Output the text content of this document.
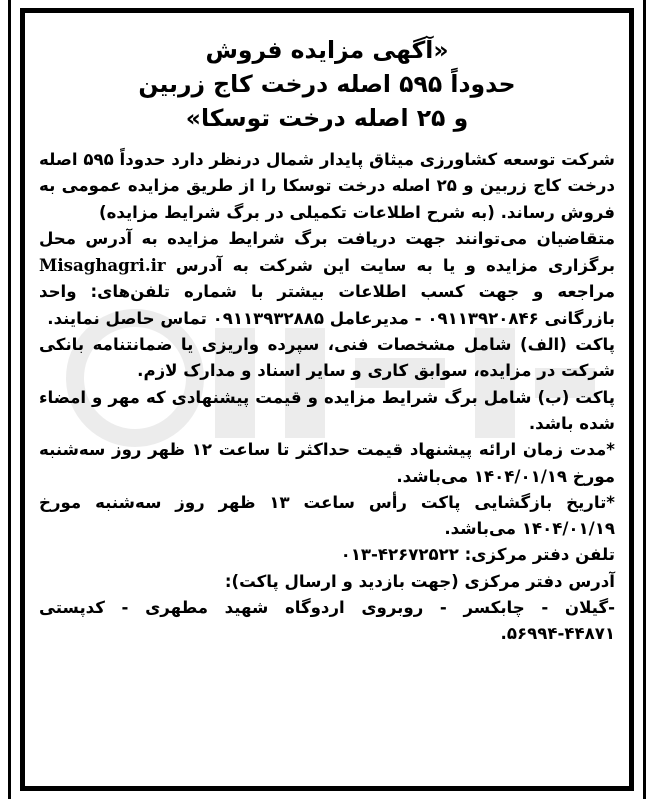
«آگهی مزایده فروش

حدوداً ۵۹۵ اصله درخت کاج زربین

و ۲۵ اصله درخت توسکا»

شرکت توسعه کشاورزی میثاق پایدار شمال درنظر دارد حدوداً ۵۹۵ اصله درخت کاج زربین و ۲۵ اصله درخت توسکا را از طریق مزایده عمومی به فروش رساند. (به شرح اطلاعات تکمیلی در برگ شرایط مزایده)

متقاضیان می‌توانند جهت دریافت برگ شرایط مزایده به آدرس محل برگزاری مزایده و یا به سایت این شرکت به آدرس Misaghagri.ir مراجعه و جهت کسب اطلاعات بیشتر با شماره تلفن‌های: واحد بازرگانی ۰۹۱۱۳۹۲۰۸۴۶ - مدیرعامل ۰۹۱۱۳۹۳۲۸۸۵ تماس حاصل نمایند.

پاکت (الف) شامل مشخصات فنی، سپرده واریزی یا ضمانتنامه بانکی شرکت در مزایده، سوابق کاری و سایر اسناد و مدارک لازم.

پاکت (ب) شامل برگ شرایط مزایده و قیمت پیشنهادی که مهر و امضاء شده باشد.

*مدت زمان ارائه پیشنهاد قیمت حداکثر تا ساعت ۱۲ ظهر روز سه‌شنبه مورخ ۱۴۰۴/۰۱/۱۹ می‌باشد.

*تاریخ بازگشایی پاکت رأس ساعت ۱۳ ظهر روز سه‌شنبه مورخ ۱۴۰۴/۰۱/۱۹ می‌باشد.

تلفن دفتر مرکزی: ۴۲۶۷۲۵۲۲-۰۱۳

آدرس دفتر مرکزی (جهت بازدید و ارسال پاکت):

-گیلان - چابکسر - روبروی اردوگاه شهید مطهری - کدپستی ۴۴۸۷۱-۵۶۹۹۴.
